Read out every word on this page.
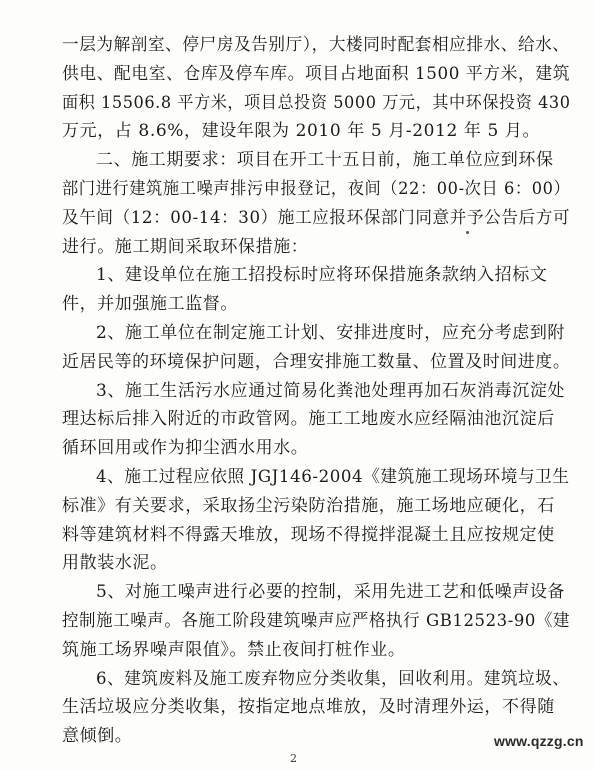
一层为解剖室、停尸房及告别厅），大楼同时配套相应排水、给水、
供电、配电室、仓库及停车库。项目占地面积 1500 平方米，建筑
面积 15506.8 平方米，项目总投资 5000 万元，其中环保投资 430
万元，占 8.6%，建设年限为 2010 年 5 月-2012 年 5 月。
二、施工期要求：项目在开工十五日前，施工单位应到环保
部门进行建筑施工噪声排污申报登记，夜间（22：00-次日 6：00）
及午间（12：00-14：30）施工应报环保部门同意并予公告后方可
进行。施工期间采取环保措施：
1、建设单位在施工招投标时应将环保措施条款纳入招标文
件，并加强施工监督。
2、施工单位在制定施工计划、安排进度时，应充分考虑到附
近居民等的环境保护问题，合理安排施工数量、位置及时间进度。
3、施工生活污水应通过简易化粪池处理再加石灰消毒沉淀处
理达标后排入附近的市政管网。施工工地废水应经隔油池沉淀后
循环回用或作为抑尘洒水用水。
4、施工过程应依照 JGJ146-2004《建筑施工现场环境与卫生
标准》有关要求，采取扬尘污染防治措施，施工场地应硬化，石
料等建筑材料不得露天堆放，现场不得搅拌混凝土且应按规定使
用散装水泥。
5、对施工噪声进行必要的控制，采用先进工艺和低噪声设备
控制施工噪声。各施工阶段建筑噪声应严格执行 GB12523-90《建
筑施工场界噪声限值》。禁止夜间打桩作业。
6、建筑废料及施工废弃物应分类收集，回收利用。建筑垃圾、
生活垃圾应分类收集，按指定地点堆放，及时清理外运，不得随
意倾倒。
2
www.qzzg.cn
